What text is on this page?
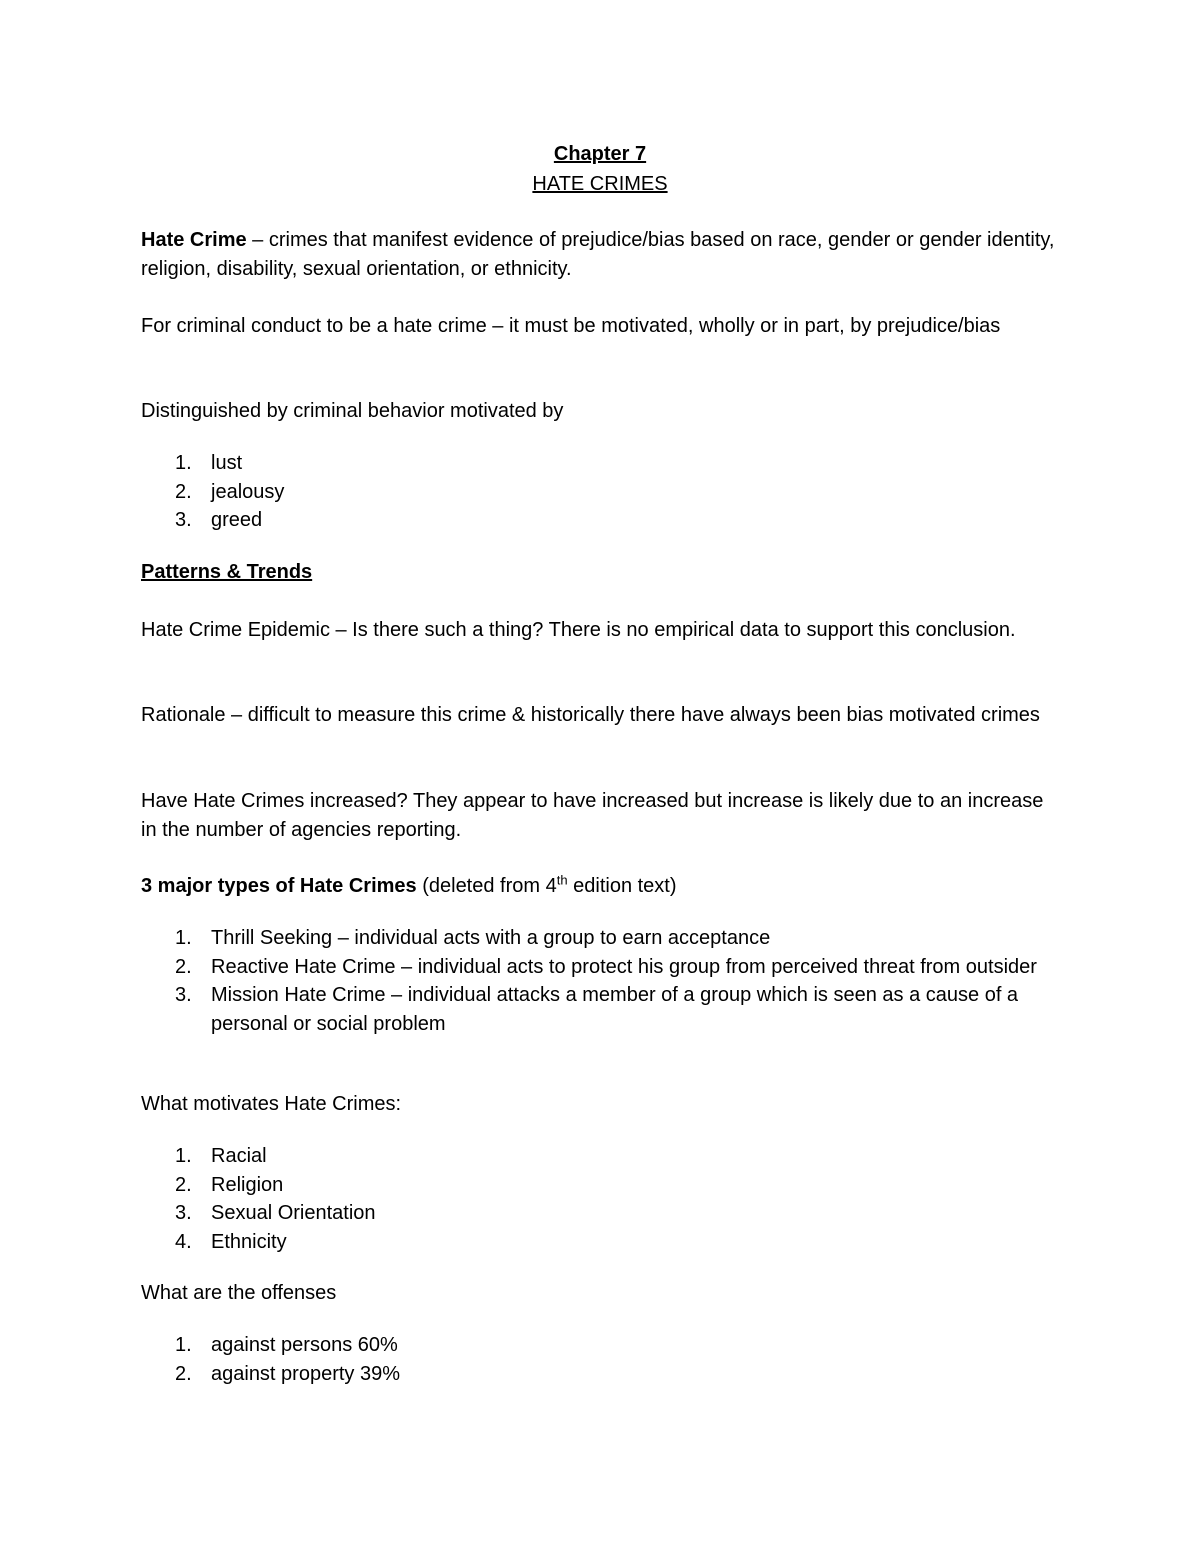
Chapter 7
HATE CRIMES
Hate Crime – crimes that manifest evidence of prejudice/bias based on race, gender or gender identity, religion, disability, sexual orientation, or ethnicity.
For criminal conduct to be a hate crime – it must be motivated, wholly or in part, by prejudice/bias
Distinguished by criminal behavior motivated by
1. lust
2. jealousy
3. greed
Patterns & Trends
Hate Crime Epidemic – Is there such a thing? There is no empirical data to support this conclusion.
Rationale – difficult to measure this crime & historically there have always been bias motivated crimes
Have Hate Crimes increased? They appear to have increased but increase is likely due to an increase in the number of agencies reporting.
3 major types of Hate Crimes (deleted from 4th edition text)
1. Thrill Seeking – individual acts with a group to earn acceptance
2. Reactive Hate Crime – individual acts to protect his group from perceived threat from outsider
3. Mission Hate Crime – individual attacks a member of a group which is seen as a cause of a personal or social problem
What motivates Hate Crimes:
1. Racial
2. Religion
3. Sexual Orientation
4. Ethnicity
What are the offenses
1. against persons 60%
2. against property 39%
